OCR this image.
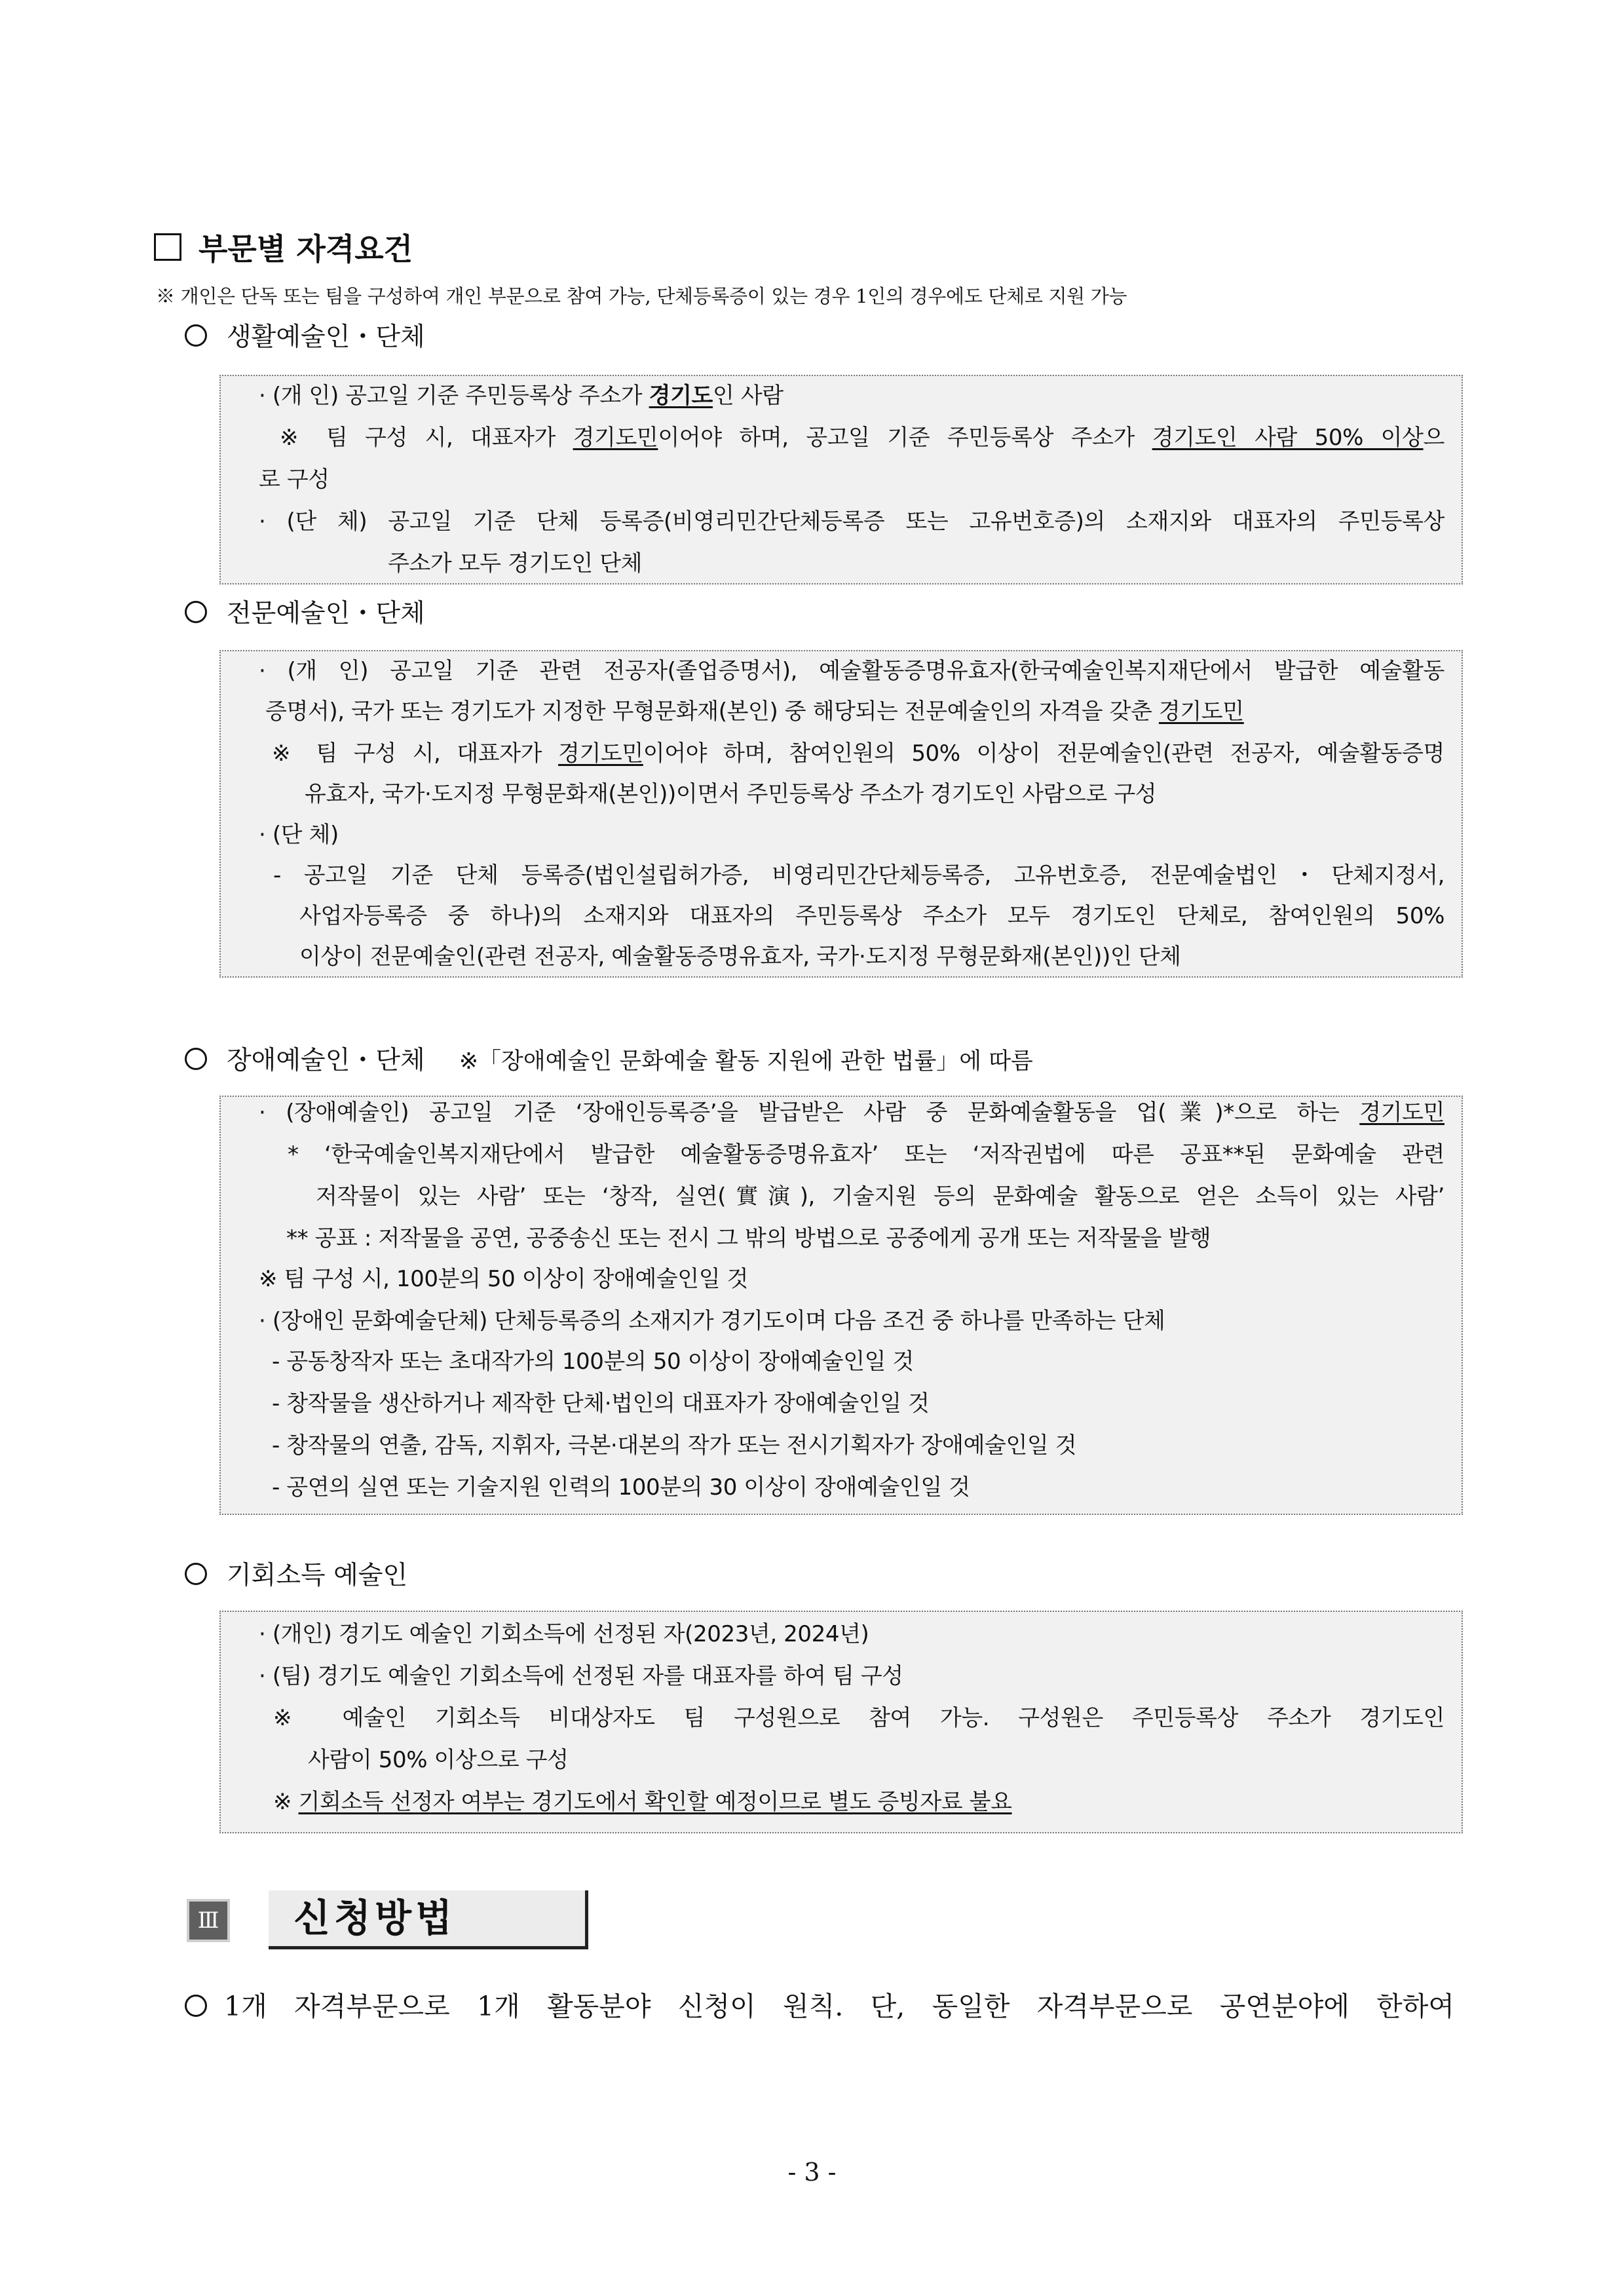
부문별 자격요건
※ 개인은 단독 또는 팀을 구성하여 개인 부문으로 참여 가능, 단체등록증이 있는 경우 1인의 경우에도 단체로 지원 가능
생활예술인・단체
· (개 인) 공고일 기준 주민등록상 주소가 경기도인 사람
※ 팀 구성 시, 대표자가 경기도민이어야 하며, 공고일 기준 주민등록상 주소가 경기도인 사람 50% 이상으
로 구성
· (단 체) 공고일 기준 단체 등록증(비영리민간단체등록증 또는 고유번호증)의 소재지와 대표자의 주민등록상
주소가 모두 경기도인 단체
전문예술인・단체
· (개 인) 공고일 기준 관련 전공자(졸업증명서), 예술활동증명유효자(한국예술인복지재단에서 발급한 예술활동
증명서), 국가 또는 경기도가 지정한 무형문화재(본인) 중 해당되는 전문예술인의 자격을 갖춘 경기도민
※ 팀 구성 시, 대표자가 경기도민이어야 하며, 참여인원의 50% 이상이 전문예술인(관련 전공자, 예술활동증명
유효자, 국가·도지정 무형문화재(본인))이면서 주민등록상 주소가 경기도인 사람으로 구성
· (단 체)
- 공고일 기준 단체 등록증(법인설립허가증, 비영리민간단체등록증, 고유번호증, 전문예술법인・단체지정서,
사업자등록증 중 하나)의 소재지와 대표자의 주민등록상 주소가 모두 경기도인 단체로, 참여인원의 50%
이상이 전문예술인(관련 전공자, 예술활동증명유효자, 국가·도지정 무형문화재(본인))인 단체
장애예술인・단체 ※「장애예술인 문화예술 활동 지원에 관한 법률」에 따름
· (장애예술인) 공고일 기준 ‘장애인등록증’을 발급받은 사람 중 문화예술활동을 업(業)*으로 하는 경기도민
* ‘한국예술인복지재단에서 발급한 예술활동증명유효자’ 또는 ‘저작권법에 따른 공표**된 문화예술 관련
저작물이 있는 사람’ 또는 ‘창작, 실연(實演), 기술지원 등의 문화예술 활동으로 얻은 소득이 있는 사람’
** 공표 : 저작물을 공연, 공중송신 또는 전시 그 밖의 방법으로 공중에게 공개 또는 저작물을 발행
※ 팀 구성 시, 100분의 50 이상이 장애예술인일 것
· (장애인 문화예술단체) 단체등록증의 소재지가 경기도이며 다음 조건 중 하나를 만족하는 단체
- 공동창작자 또는 초대작가의 100분의 50 이상이 장애예술인일 것
- 창작물을 생산하거나 제작한 단체·법인의 대표자가 장애예술인일 것
- 창작물의 연출, 감독, 지휘자, 극본·대본의 작가 또는 전시기획자가 장애예술인일 것
- 공연의 실연 또는 기술지원 인력의 100분의 30 이상이 장애예술인일 것
기회소득 예술인
· (개인) 경기도 예술인 기회소득에 선정된 자(2023년, 2024년)
· (팀) 경기도 예술인 기회소득에 선정된 자를 대표자를 하여 팀 구성
※ 예술인 기회소득 비대상자도 팀 구성원으로 참여 가능. 구성원은 주민등록상 주소가 경기도인
사람이 50% 이상으로 구성
※ 기회소득 선정자 여부는 경기도에서 확인할 예정이므로 별도 증빙자료 불요
Ⅲ	신청방법
1개 자격부문으로 1개 활동분야 신청이 원칙. 단, 동일한 자격부문으로 공연분야에 한하여
- 3 -
